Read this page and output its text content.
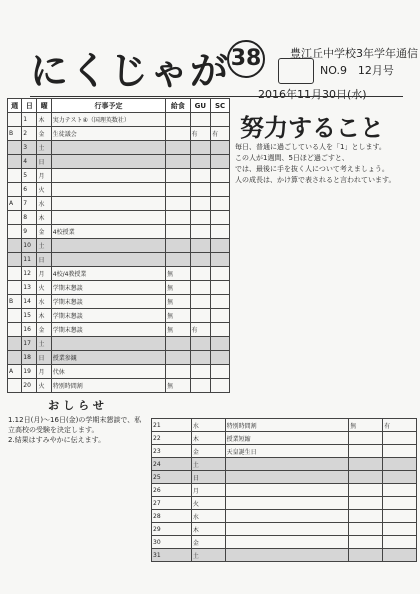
にくじゃが 38	豊江丘中学校3年学年通信
NO.9　12月号
2016年11月30日(水)
週	日	曜	行事予定	給食	GU	SC
	1	木	実力テスト④（国理英数社）			
B	2	金	生徒議会		有	有
	3	土				
	4	日				
	5	月				
	6	火				
A	7	水				
	8	木				
	9	金	4校授業			
	10	土				
	11	日				
	12	月	4校/4教授業	無		
	13	火	学期末懇談	無		
B	14	水	学期末懇談	無		
	15	木	学期末懇談	無		
	16	金	学期末懇談	無	有	
	17	土				
	18	日	授業参観			
A	19	月	代休			
	20	火	特別時間割	無		
努力すること

毎日、普通に過ごしている人を「1」とします。

この人が1週間、5日ほど過ごすと、

では、最後に手を抜く人について考えましょう。

人の成長は、かけ算で表されると言われています。

おしらせ
1.12日(月)〜16日(金)の学期末懇談で、私立高校の受験を決定します。
2.結果はすみやかに伝えます。
21	水	特別時間割	無	有
22	木	授業短縮		
23	金	天皇誕生日		
24	土			
25	日			
26	月			
27	火			
28	水			
29	木			
30	金			
31	土			
